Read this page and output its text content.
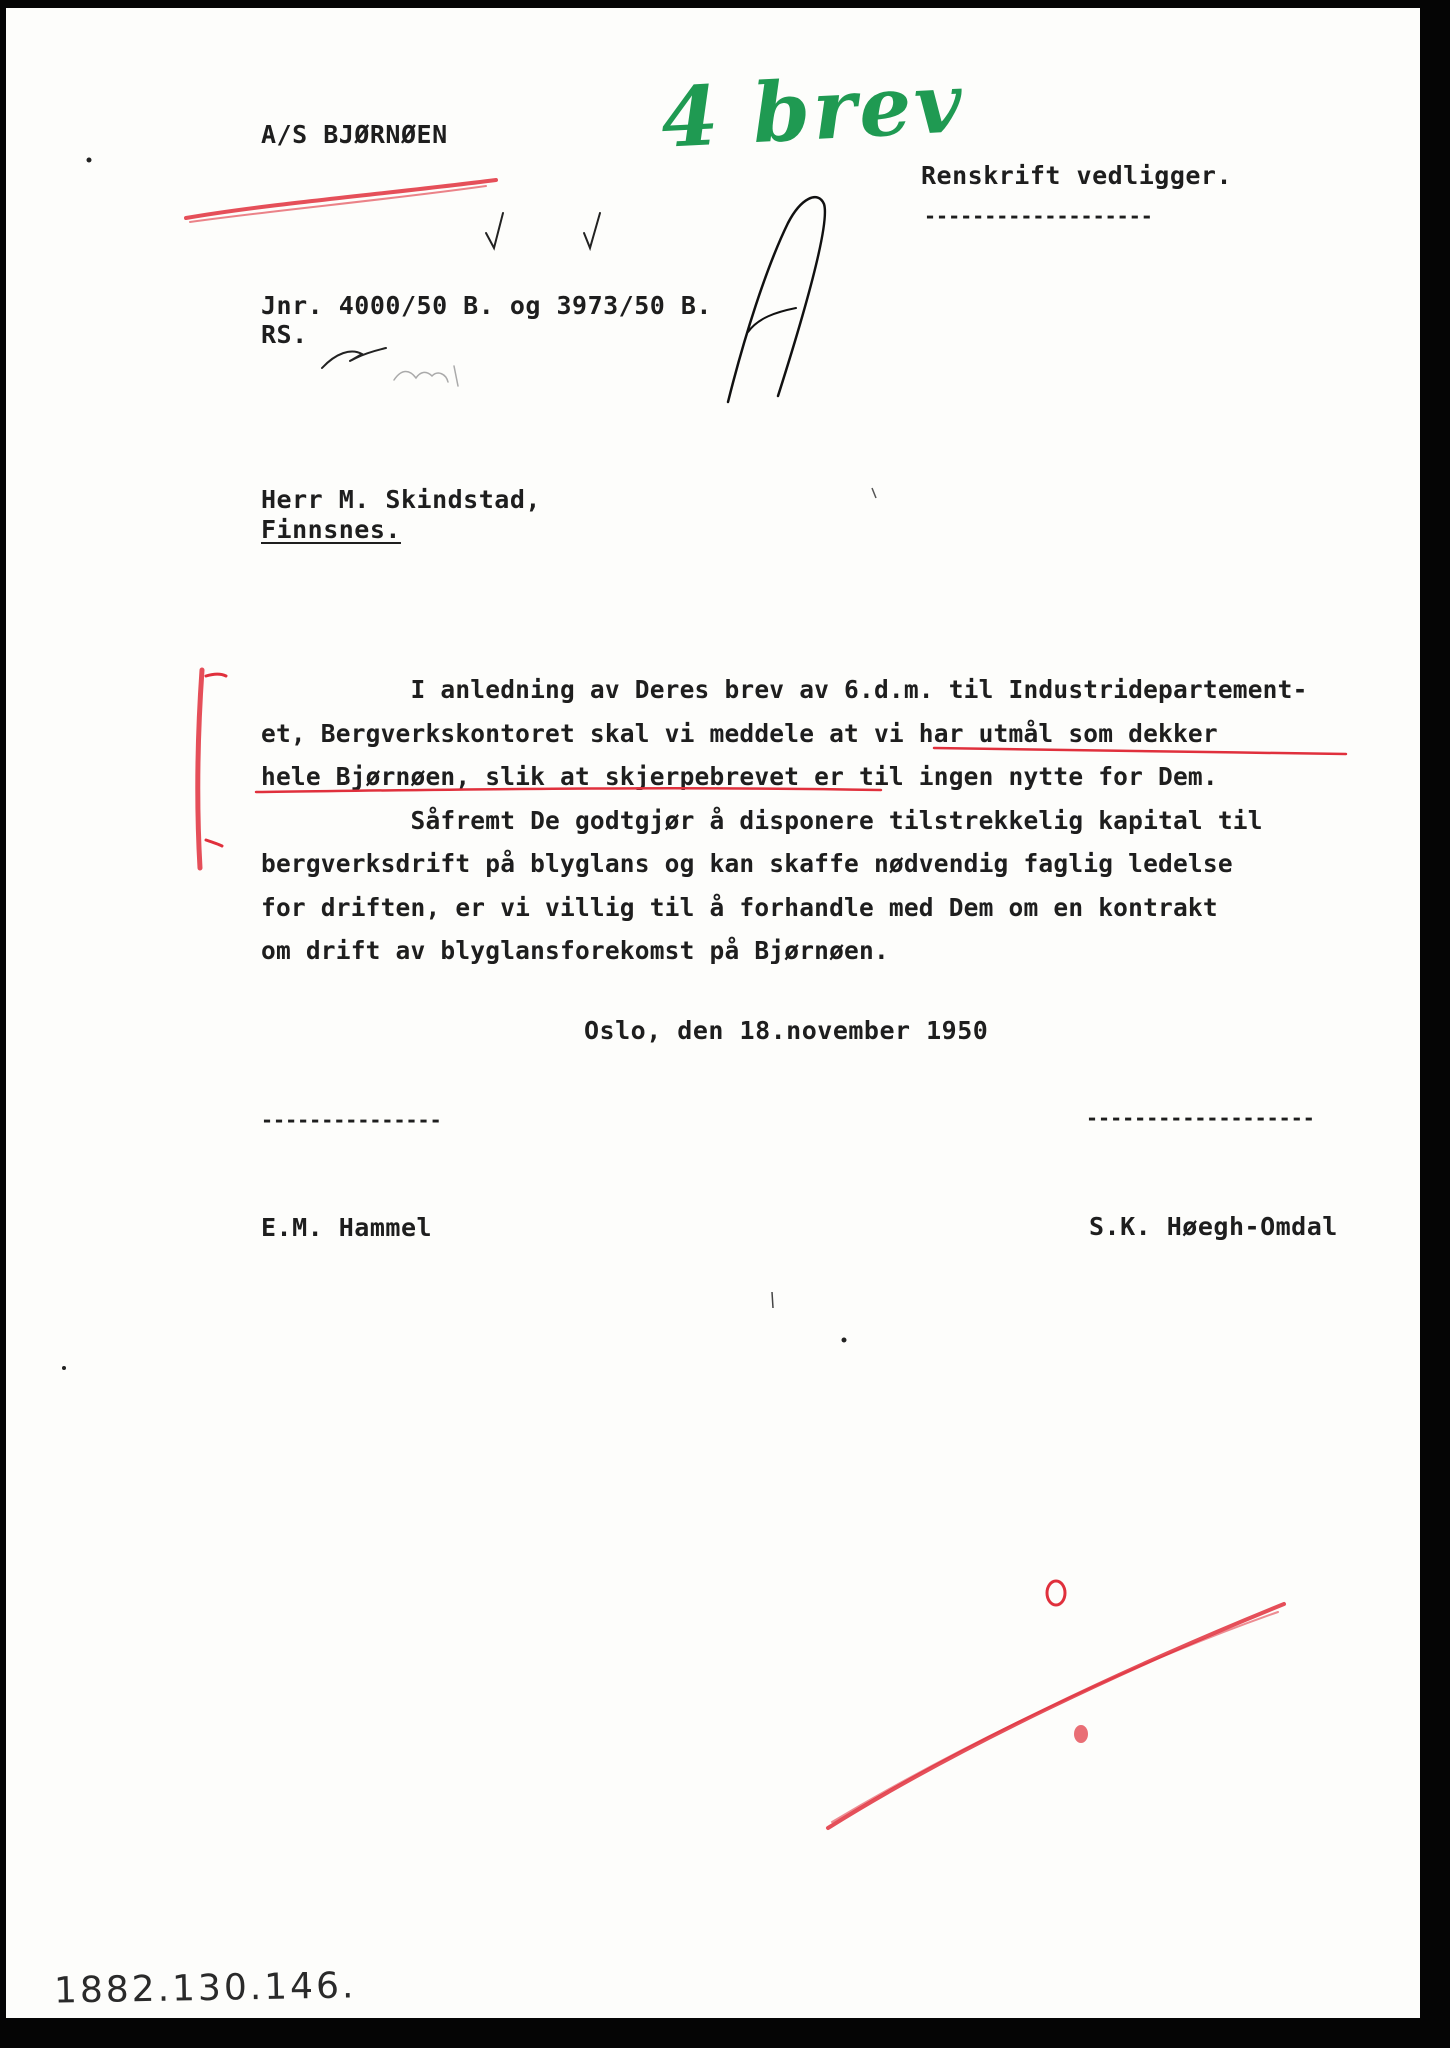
A/S BJØRNØEN	4 brev
Renskrift vedligger.
-------------------
Jnr. 4000/50 B. og 3973/50 B.
RS.
Herr M. Skindstad,
Finnsnes.
I anledning av Deres brev av 6.d.m. til Industridepartement-
et, Bergverkskontoret skal vi meddele at vi har utmål som dekker
hele Bjørnøen, slik at skjerpebrevet er til ingen nytte for Dem.
Såfremt De godtgjør å disponere tilstrekkelig kapital til
bergverksdrift på blyglans og kan skaffe nødvendig faglig ledelse
for driften, er vi villig til å forhandle med Dem om en kontrakt
om drift av blyglansforekomst på Bjørnøen.
Oslo, den 18.november 1950
---------------	-------------------
E.M. Hammel	S.K. Høegh-Omdal
1882.130.146.
